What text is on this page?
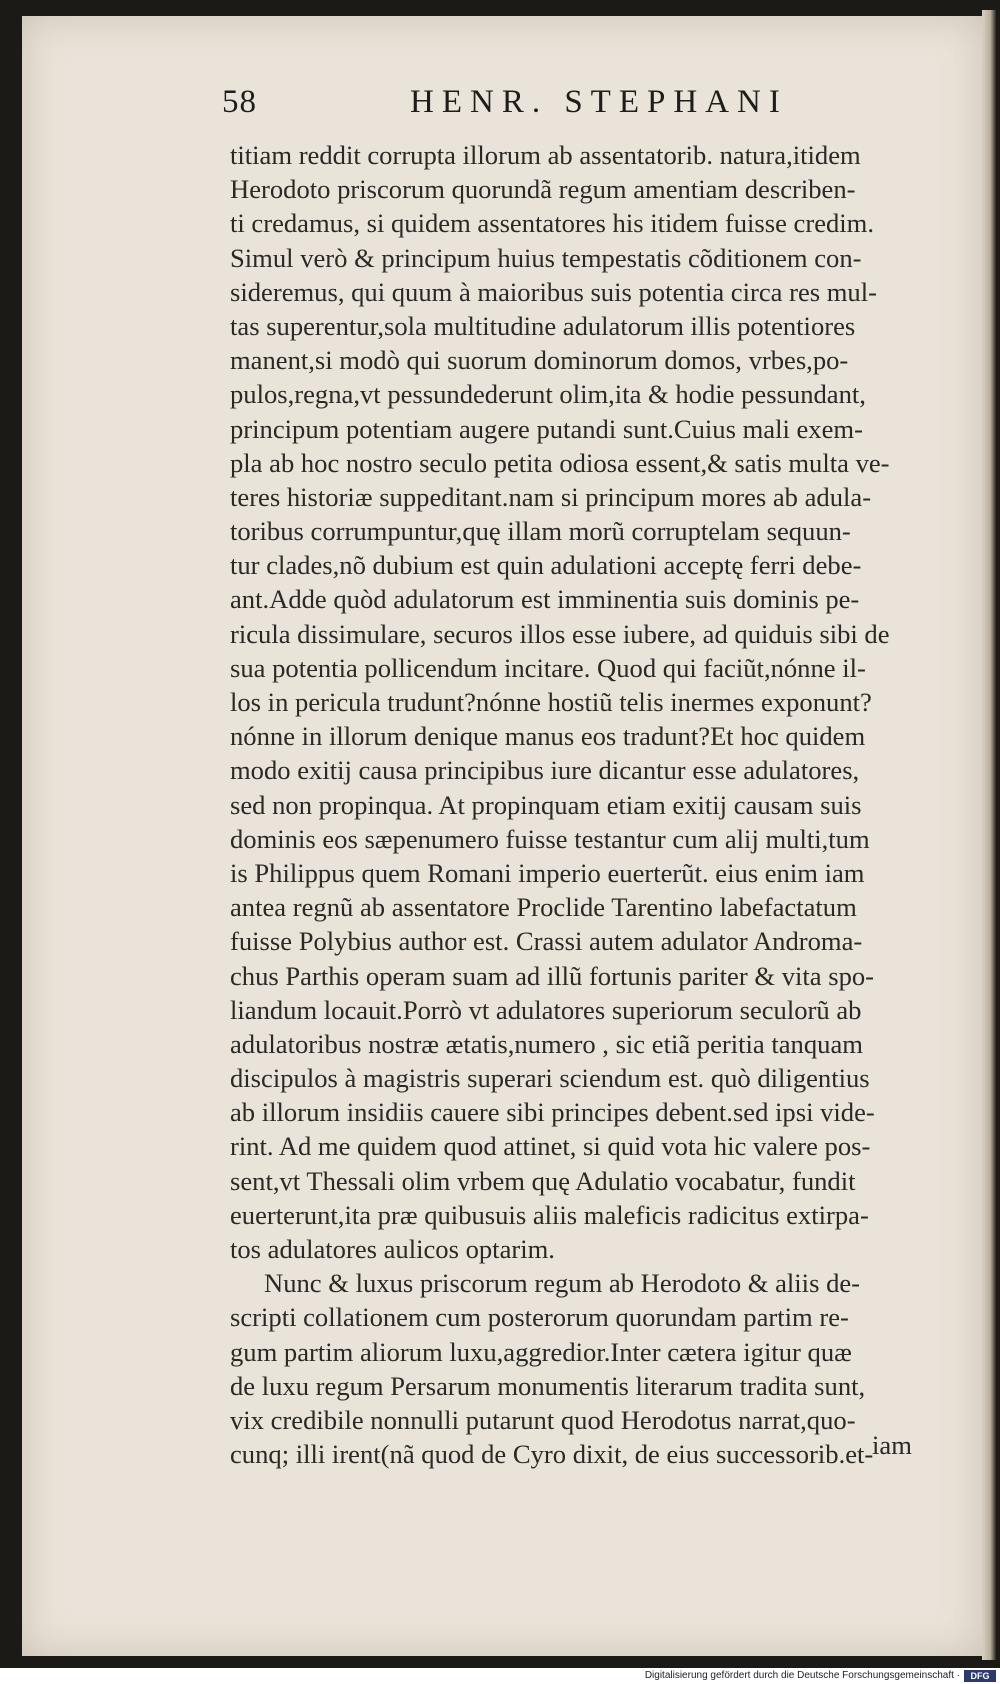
58	HENR. STEPHANI
titiam reddit corrupta illorum ab assentatorib. natura,itidem
Herodoto priscorum quorundã regum amentiam describen-
ti credamus, si quidem assentatores his itidem fuisse credim.
Simul verò & principum huius tempestatis cõditionem con-
sideremus, qui quum à maioribus suis potentia circa res mul-
tas superentur,sola multitudine adulatorum illis potentiores
manent,si modò qui suorum dominorum domos, vrbes,po-
pulos,regna,vt pessundederunt olim,ita & hodie pessundant,
principum potentiam augere putandi sunt.Cuius mali exem-
pla ab hoc nostro seculo petita odiosa essent,& satis multa ve-
teres historiæ suppeditant.nam si principum mores ab adula-
toribus corrumpuntur,quę illam morũ corruptelam sequun-
tur clades,nõ dubium est quin adulationi acceptę ferri debe-
ant.Adde quòd adulatorum est imminentia suis dominis pe-
ricula dissimulare, securos illos esse iubere, ad quiduis sibi de
sua potentia pollicendum incitare. Quod qui faciũt,nónne il-
los in pericula trudunt?nónne hostiũ telis inermes exponunt?
nónne in illorum denique manus eos tradunt?Et hoc quidem
modo exitij causa principibus iure dicantur esse adulatores,
sed non propinqua. At propinquam etiam exitij causam suis
dominis eos sæpenumero fuisse testantur cum alij multi,tum
is Philippus quem Romani imperio euerterũt. eius enim iam
antea regnũ ab assentatore Proclide Tarentino labefactatum
fuisse Polybius author est. Crassi autem adulator Androma-
chus Parthis operam suam ad illũ fortunis pariter & vita spo-
liandum locauit.Porrò vt adulatores superiorum seculorũ ab
adulatoribus nostræ ætatis,numero , sic etiã peritia tanquam
discipulos à magistris superari sciendum est. quò diligentius
ab illorum insidiis cauere sibi principes debent.sed ipsi vide-
rint. Ad me quidem quod attinet, si quid vota hic valere pos-
sent,vt Thessali olim vrbem quę Adulatio vocabatur, fundit
euerterunt,ita præ quibusuis aliis maleficis radicitus extirpa-
tos adulatores aulicos optarim.
Nunc & luxus priscorum regum ab Herodoto & aliis de-
scripti collationem cum posterorum quorundam partim re-
gum partim aliorum luxu,aggredior.Inter cætera igitur quæ
de luxu regum Persarum monumentis literarum tradita sunt,
vix credibile nonnulli putarunt quod Herodotus narrat,quo-
cunq; illi irent(nã quod de Cyro dixit, de eius successorib.et-
iam
Digitalisierung gefördert durch die Deutsche Forschungsgemeinschaft ·	DFG
